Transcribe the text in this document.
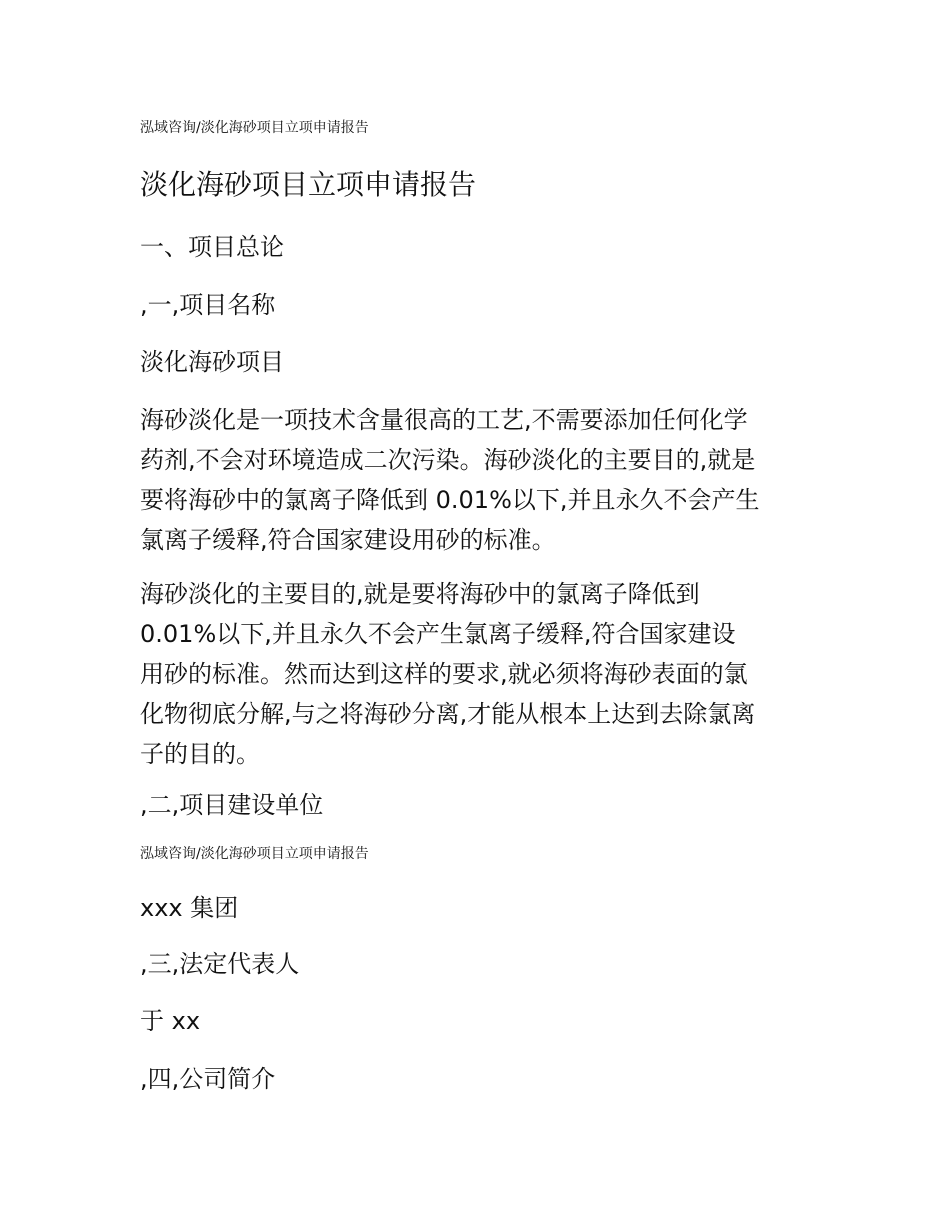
泓域咨询/淡化海砂项目立项申请报告
淡化海砂项目立项申请报告
一、项目总论
,一,项目名称
淡化海砂项目
海砂淡化是一项技术含量很高的工艺,不需要添加任何化学
药剂,不会对环境造成二次污染。海砂淡化的主要目的,就是
要将海砂中的氯离子降低到 0.01%以下,并且永久不会产生
氯离子缓释,符合国家建设用砂的标准。
海砂淡化的主要目的,就是要将海砂中的氯离子降低到
0.01%以下,并且永久不会产生氯离子缓释,符合国家建设
用砂的标准。然而达到这样的要求,就必须将海砂表面的氯
化物彻底分解,与之将海砂分离,才能从根本上达到去除氯离
子的目的。
,二,项目建设单位
泓域咨询/淡化海砂项目立项申请报告
xxx 集团
,三,法定代表人
于 xx
,四,公司简介
